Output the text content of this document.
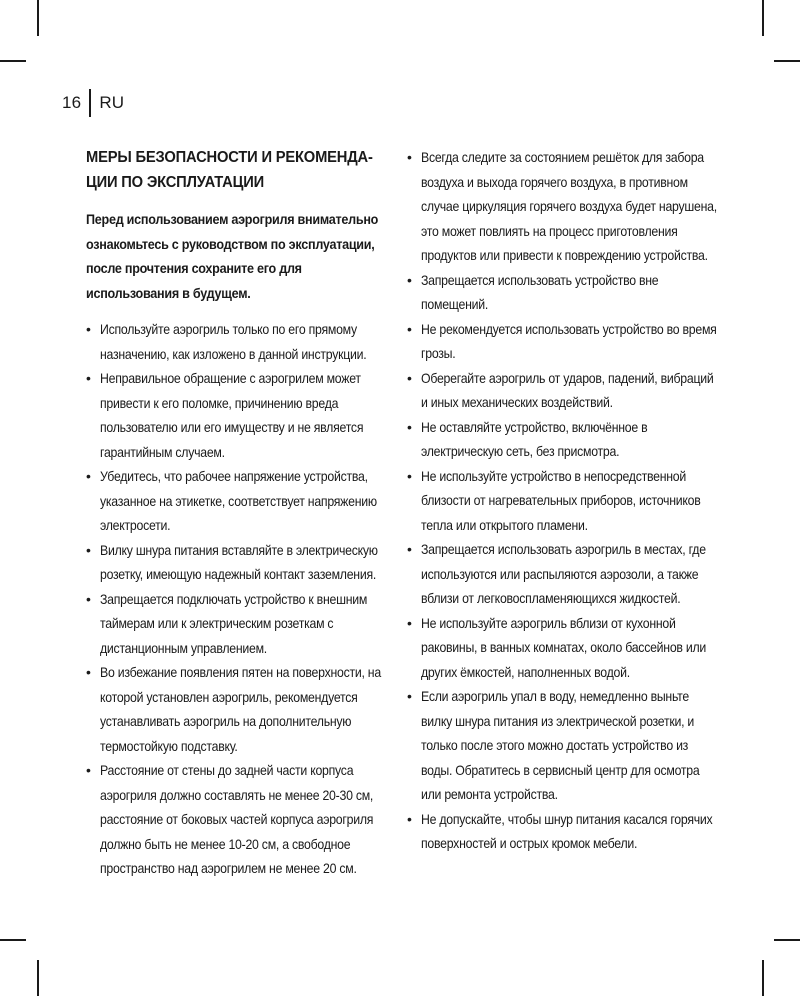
16	RU
МЕРЫ БЕЗОПАСНОСТИ И РЕКОМЕНДА-
ЦИИ ПО ЭКСПЛУАТАЦИИ
Перед использованием аэрогриля внимательно ознакомьтесь с руководством по эксплуатации, после прочтения сохраните его для использования в будущем.
• Используйте аэрогриль только по его прямому назначению, как изложено в данной инструкции.
• Неправильное обращение с аэрогрилем может привести к его поломке, причинению вреда пользователю или его имуществу и не является гарантийным случаем.
• Убедитесь, что рабочее напряжение устройства, указанное на этикетке, соответствует напряжению электросети.
• Вилку шнура питания вставляйте в электрическую розетку, имеющую надежный контакт заземления.
• Запрещается подключать устройство к внешним таймерам или к электрическим розеткам с дистанционным управлением.
• Во избежание появления пятен на поверхности, на которой установлен аэрогриль, рекомендуется устанавливать аэрогриль на дополнительную термостойкую подставку.
• Расстояние от стены до задней части корпуса аэрогриля должно составлять не менее 20-30 см, расстояние от боковых частей корпуса аэрогриля должно быть не менее 10-20 см, а свободное пространство над аэрогрилем не менее 20 см.
• Всегда следите за состоянием решёток для забора воздуха и выхода горячего воздуха, в противном случае циркуляция горячего воздуха будет нарушена, это может повлиять на процесс приготовления продуктов или привести к повреждению устройства.
• Запрещается использовать устройство вне помещений.
• Не рекомендуется использовать устройство во время грозы.
• Оберегайте аэрогриль от ударов, падений, вибраций и иных механических воздействий.
• Не оставляйте устройство, включённое в электрическую сеть, без присмотра.
• Не используйте устройство в непосредственной близости от нагревательных приборов, источников тепла или открытого пламени.
• Запрещается использовать аэрогриль в местах, где используются или распыляются аэрозоли, а также вблизи от легковоспламеняющихся жидкостей.
• Не используйте аэрогриль вблизи от кухонной раковины, в ванных комнатах, около бассейнов или других ёмкостей, наполненных водой.
• Если аэрогриль упал в воду, немедленно выньте вилку шнура питания из электрической розетки, и только после этого можно достать устройство из воды. Обратитесь в сервисный центр для осмотра или ремонта устройства.
• Не допускайте, чтобы шнур питания касался горячих поверхностей и острых кромок мебели.
